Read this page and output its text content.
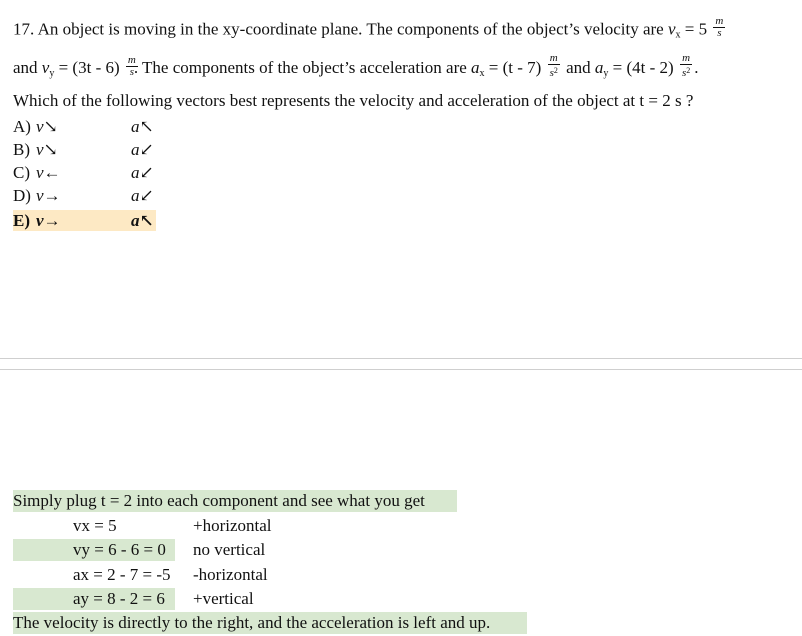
17. An object is moving in the xy-coordinate plane. The components of the object’s velocity are $v_x = 5 \frac{m}{s}$
and $v_y = (3t - 6) \frac{m}{s}$
. The components of the object’s acceleration are $a_x = (t - 7) \frac{m}{s^2}$ and $a_y = (4t - 2) \frac{m}{s^2}$ .
Which of the following vectors best represents the velocity and acceleration of the object at t = 2 s ?
A) v↘	a↖
B) v↘	a↙
C) v←	a↙
D) v→	a↙
E) v→	a↖
Simply plug t = 2 into each component and see what you get
vx = 5	+horizontal
vy = 6 - 6 = 0 no vertical
ax = 2 - 7 = -5 -horizontal
ay = 8 - 2 = 6 +vertical
The velocity is directly to the right, and the acceleration is left and up.
